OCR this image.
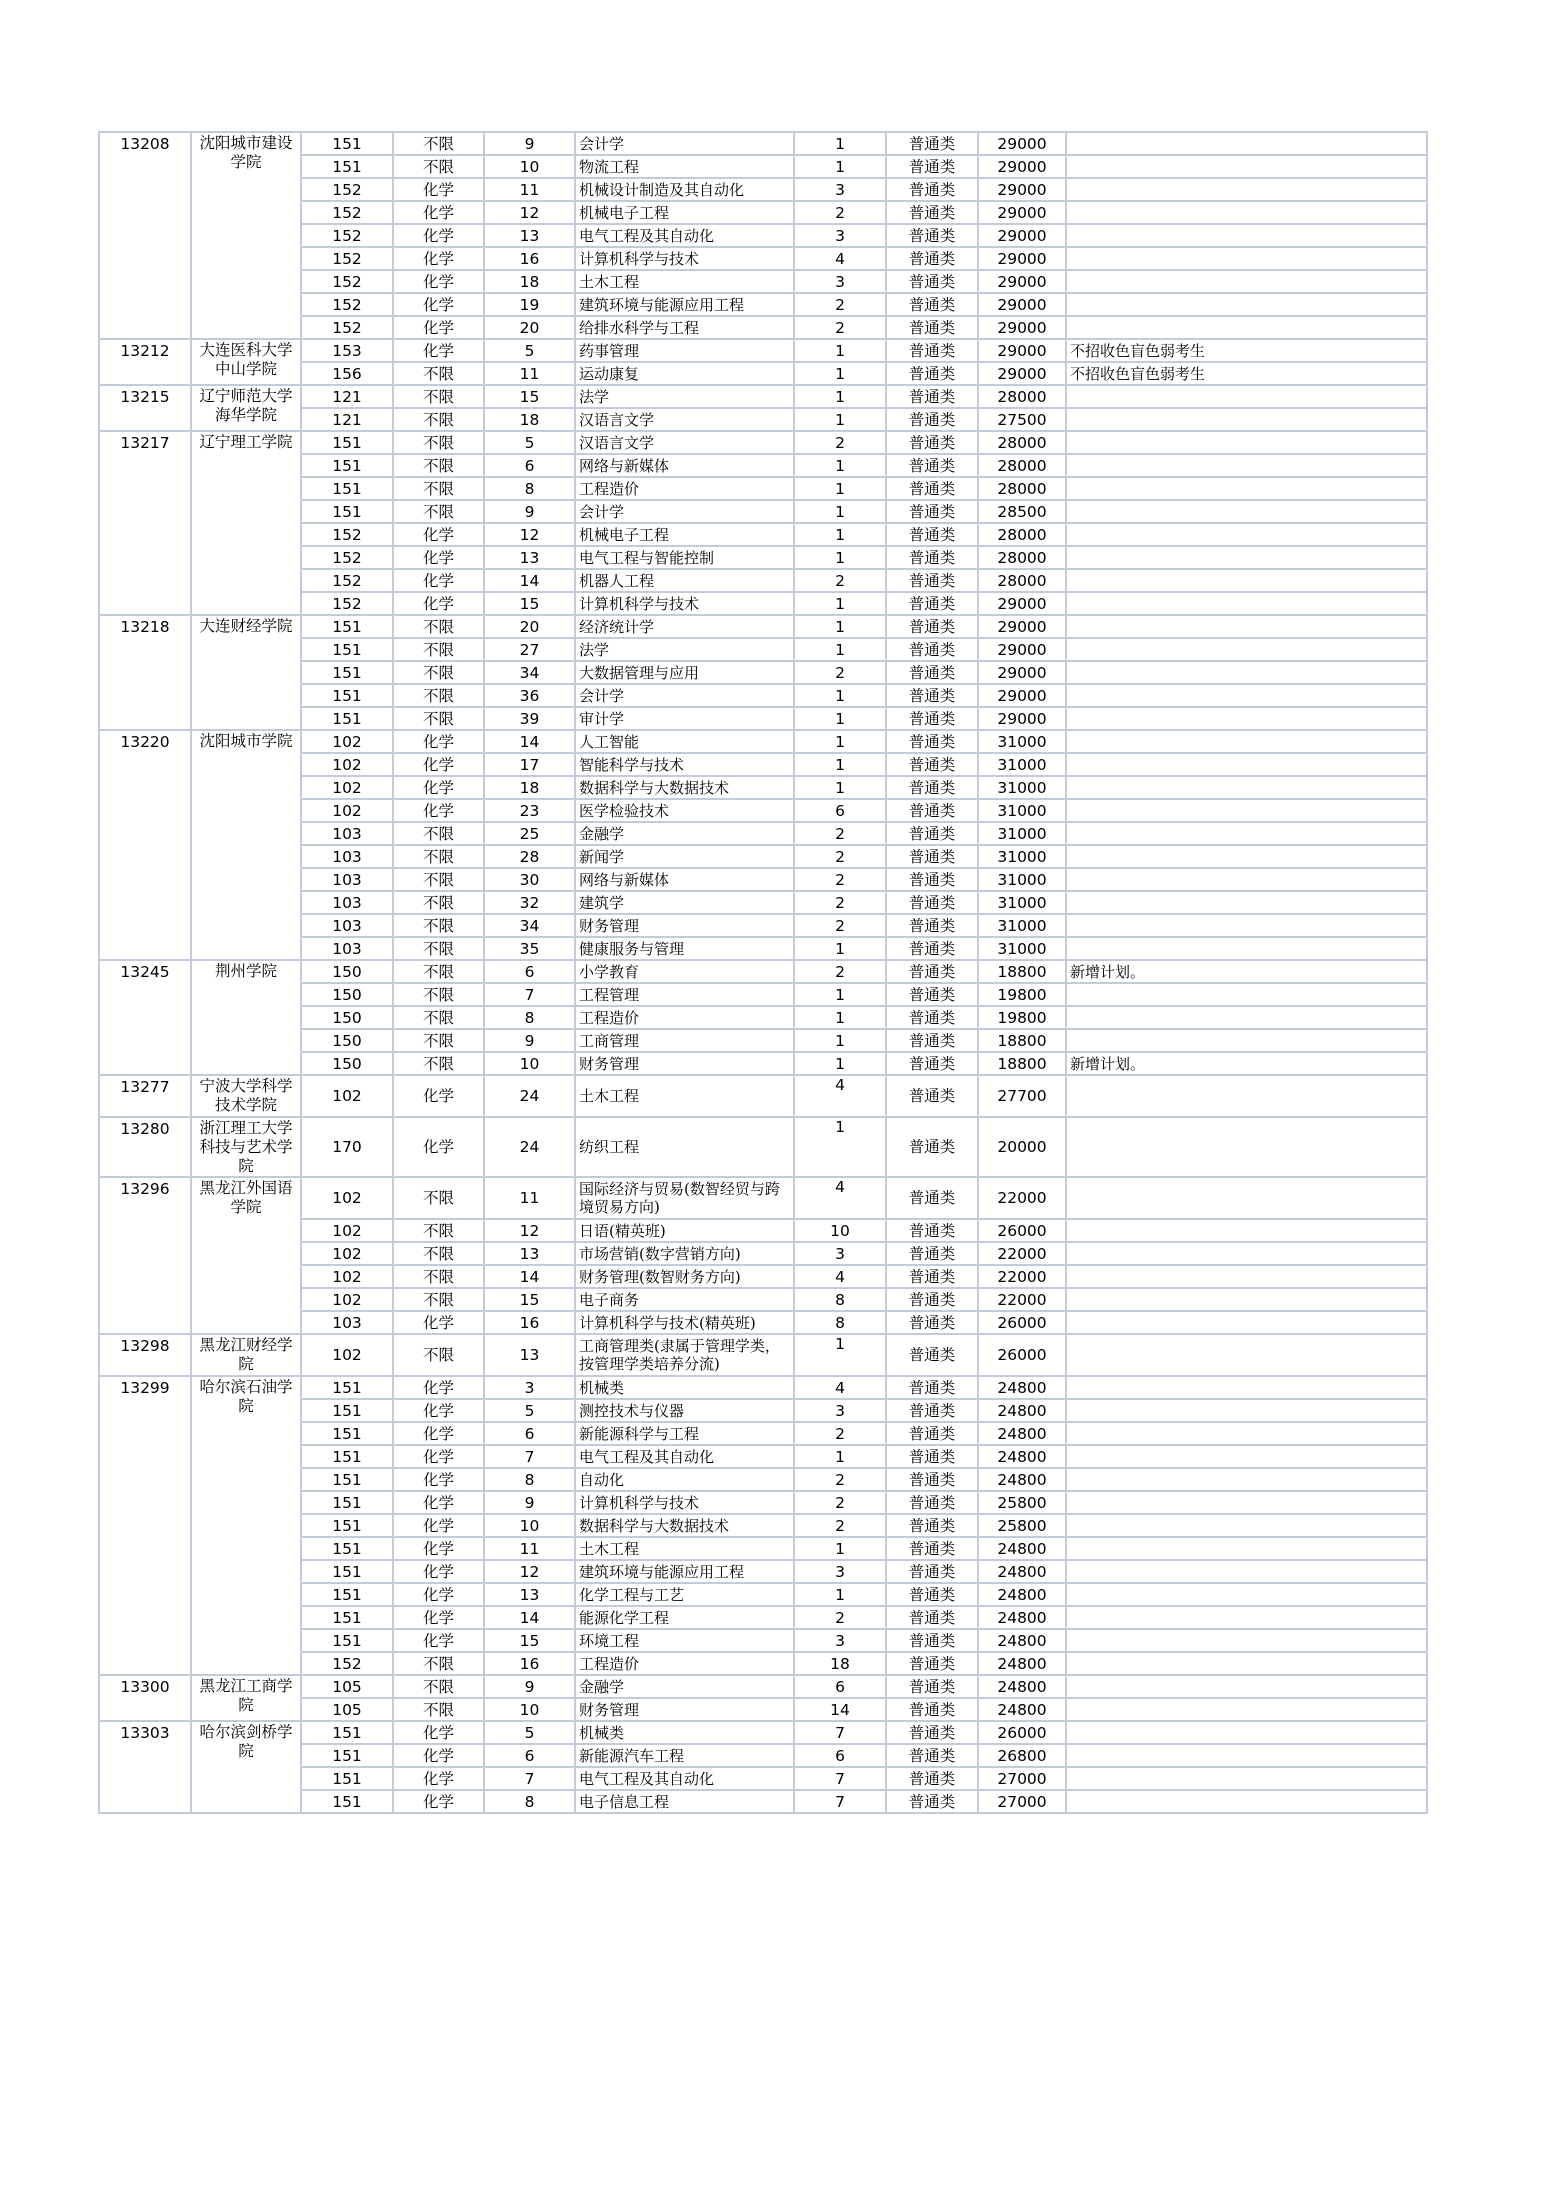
13208	沈阳城市建设学院	151	不限	9	会计学	1	普通类	29000	
		151	不限	10	物流工程	1	普通类	29000	
		152	化学	11	机械设计制造及其自动化	3	普通类	29000	
		152	化学	12	机械电子工程	2	普通类	29000	
		152	化学	13	电气工程及其自动化	3	普通类	29000	
		152	化学	16	计算机科学与技术	4	普通类	29000	
		152	化学	18	土木工程	3	普通类	29000	
		152	化学	19	建筑环境与能源应用工程	2	普通类	29000	
		152	化学	20	给排水科学与工程	2	普通类	29000	
13212	大连医科大学中山学院	153	化学	5	药事管理	1	普通类	29000	不招收色盲色弱考生
		156	不限	11	运动康复	1	普通类	29000	不招收色盲色弱考生
13215	辽宁师范大学海华学院	121	不限	15	法学	1	普通类	28000	
		121	不限	18	汉语言文学	1	普通类	27500	
13217	辽宁理工学院	151	不限	5	汉语言文学	2	普通类	28000	
		151	不限	6	网络与新媒体	1	普通类	28000	
		151	不限	8	工程造价	1	普通类	28000	
		151	不限	9	会计学	1	普通类	28500	
		152	化学	12	机械电子工程	1	普通类	28000	
		152	化学	13	电气工程与智能控制	1	普通类	28000	
		152	化学	14	机器人工程	2	普通类	28000	
		152	化学	15	计算机科学与技术	1	普通类	29000	
13218	大连财经学院	151	不限	20	经济统计学	1	普通类	29000	
		151	不限	27	法学	1	普通类	29000	
		151	不限	34	大数据管理与应用	2	普通类	29000	
		151	不限	36	会计学	1	普通类	29000	
		151	不限	39	审计学	1	普通类	29000	
13220	沈阳城市学院	102	化学	14	人工智能	1	普通类	31000	
		102	化学	17	智能科学与技术	1	普通类	31000	
		102	化学	18	数据科学与大数据技术	1	普通类	31000	
		102	化学	23	医学检验技术	6	普通类	31000	
		103	不限	25	金融学	2	普通类	31000	
		103	不限	28	新闻学	2	普通类	31000	
		103	不限	30	网络与新媒体	2	普通类	31000	
		103	不限	32	建筑学	2	普通类	31000	
		103	不限	34	财务管理	2	普通类	31000	
		103	不限	35	健康服务与管理	1	普通类	31000	
13245	荆州学院	150	不限	6	小学教育	2	普通类	18800	新增计划。
		150	不限	7	工程管理	1	普通类	19800	
		150	不限	8	工程造价	1	普通类	19800	
		150	不限	9	工商管理	1	普通类	18800	
		150	不限	10	财务管理	1	普通类	18800	新增计划。
13277	宁波大学科学技术学院	102	化学	24	土木工程	4	普通类	27700	
13280	浙江理工大学科技与艺术学院	170	化学	24	纺织工程	1	普通类	20000	
13296	黑龙江外国语学院	102	不限	11	国际经济与贸易(数智经贸与跨境贸易方向)	4	普通类	22000	
		102	不限	12	日语(精英班)	10	普通类	26000	
		102	不限	13	市场营销(数字营销方向)	3	普通类	22000	
		102	不限	14	财务管理(数智财务方向)	4	普通类	22000	
		102	不限	15	电子商务	8	普通类	22000	
		103	化学	16	计算机科学与技术(精英班)	8	普通类	26000	
13298	黑龙江财经学院	102	不限	13	工商管理类(隶属于管理学类，按管理学类培养分流)	1	普通类	26000	
13299	哈尔滨石油学院	151	化学	3	机械类	4	普通类	24800	
		151	化学	5	测控技术与仪器	3	普通类	24800	
		151	化学	6	新能源科学与工程	2	普通类	24800	
		151	化学	7	电气工程及其自动化	1	普通类	24800	
		151	化学	8	自动化	2	普通类	24800	
		151	化学	9	计算机科学与技术	2	普通类	25800	
		151	化学	10	数据科学与大数据技术	2	普通类	25800	
		151	化学	11	土木工程	1	普通类	24800	
		151	化学	12	建筑环境与能源应用工程	3	普通类	24800	
		151	化学	13	化学工程与工艺	1	普通类	24800	
		151	化学	14	能源化学工程	2	普通类	24800	
		151	化学	15	环境工程	3	普通类	24800	
		152	不限	16	工程造价	18	普通类	24800	
13300	黑龙江工商学院	105	不限	9	金融学	6	普通类	24800	
		105	不限	10	财务管理	14	普通类	24800	
13303	哈尔滨剑桥学院	151	化学	5	机械类	7	普通类	26000	
		151	化学	6	新能源汽车工程	6	普通类	26800	
		151	化学	7	电气工程及其自动化	7	普通类	27000	
		151	化学	8	电子信息工程	7	普通类	27000	
